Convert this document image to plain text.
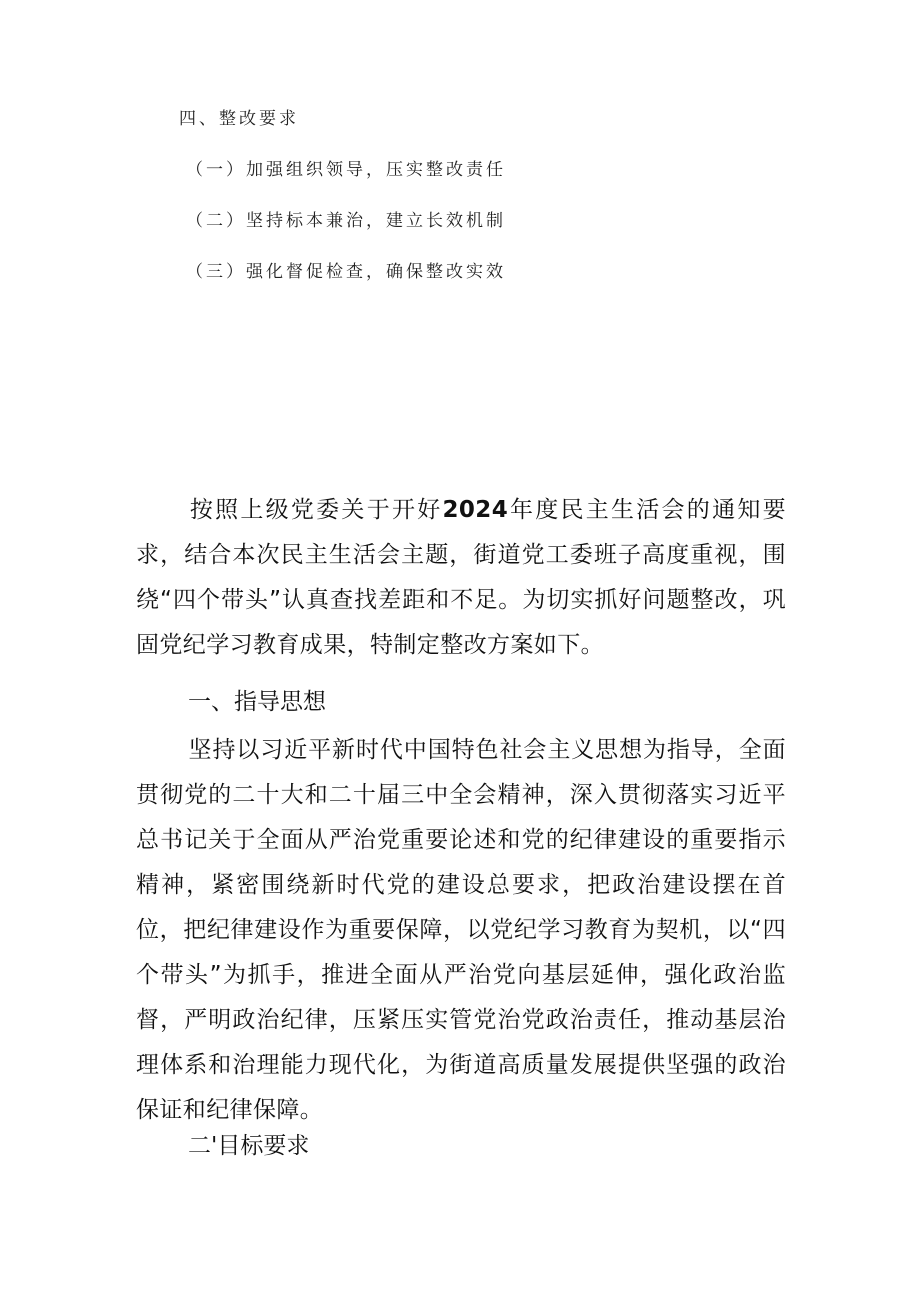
四、整改要求

（一）加强组织领导，压实整改责任

（二）坚持标本兼治，建立长效机制

（三）强化督促检查，确保整改实效

按照上级党委关于开好2024年度民主生活会的通知要求，结合本次民主生活会主题，街道党工委班子高度重视，围绕“四个带头”认真查找差距和不足。为切实抓好问题整改，巩固党纪学习教育成果，特制定整改方案如下。

一、指导思想

坚持以习近平新时代中国特色社会主义思想为指导，全面贯彻党的二十大和二十届三中全会精神，深入贯彻落实习近平总书记关于全面从严治党重要论述和党的纪律建设的重要指示精神，紧密围绕新时代党的建设总要求，把政治建设摆在首位，把纪律建设作为重要保障，以党纪学习教育为契机，以“四个带头”为抓手，推进全面从严治党向基层延伸，强化政治监督，严明政治纪律，压紧压实管党治党政治责任，推动基层治理体系和治理能力现代化，为街道高质量发展提供坚强的政治保证和纪律保障。

二'目标要求
